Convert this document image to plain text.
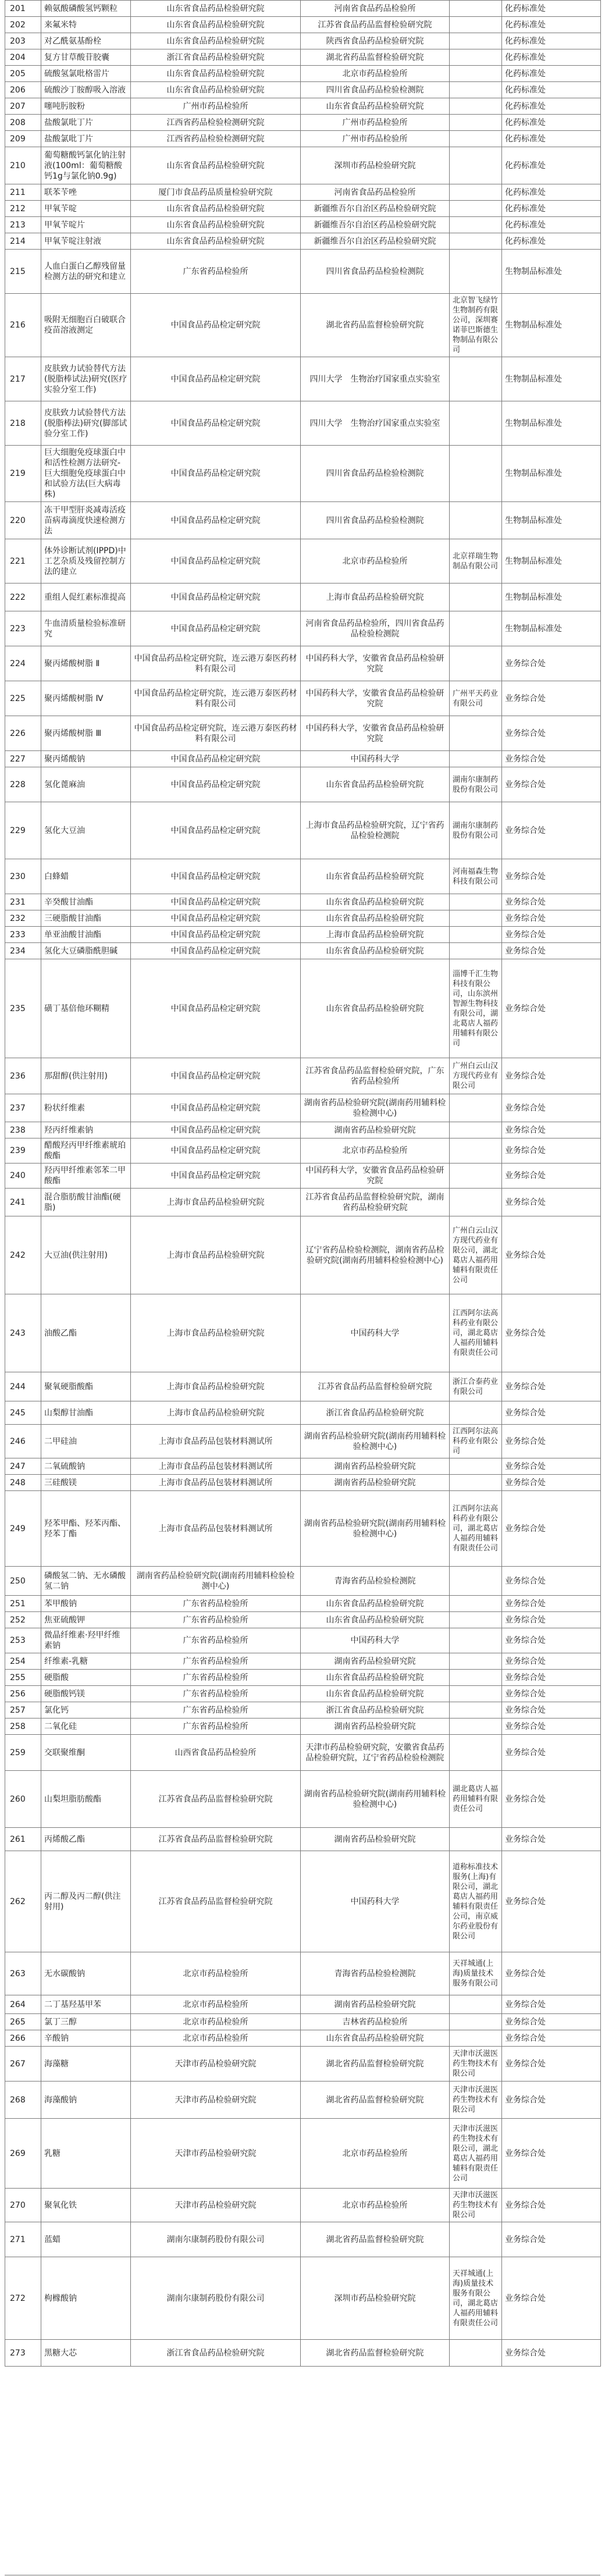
201	赖氨酸磷酸氢钙颗粒	山东省食品药品检验研究院	河南省食品药品检验所		化药标准处
202	来氟米特	山东省食品药品检验研究院	江苏省食品药品监督检验研究院		化药标准处
203	对乙酰氨基酚栓	山东省食品药品检验研究院	陕西省食品药品检验研究院		化药标准处
204	复方甘草酸苷胶囊	浙江省食品药品检验研究院	湖北省药品监督检验研究院		化药标准处
205	硫酸氢氯吡格雷片	山东省食品药品检验研究院	北京市药品检验所		化药标准处
206	硫酸沙丁胺醇吸入溶液	山东省食品药品检验研究院	四川省食品药品检验检测院		化药标准处
207	噻吨肟胺粉	广州市药品检验所	山东省食品药品检验研究院		化药标准处
208	盐酸氯吡丁片	江西省药品检验检测研究院	广州市药品检验所		化药标准处
209	盐酸氯吡丁片	江西省药品检验检测研究院	广州市药品检验所		化药标准处
210	葡萄糖酸钙氯化钠注射液(100ml：葡萄糖酸钙1g与氯化钠0.9g)	山东省食品药品检验研究院	深圳市药品检验研究院		化药标准处
211	联苯苄唑	厦门市食品药品质量检验研究院	河南省食品药品检验所		化药标准处
212	甲氧苄啶	山东省食品药品检验研究院	新疆维吾尔自治区药品检验研究院		化药标准处
213	甲氧苄啶片	山东省食品药品检验研究院	新疆维吾尔自治区药品检验研究院		化药标准处
214	甲氧苄啶注射液	山东省食品药品检验研究院	新疆维吾尔自治区药品检验研究院		化药标准处
215	人血白蛋白乙醇残留量检测方法的研究和建立	广东省药品检验所	四川省食品药品检验检测院		生物制品标准处
216	吸附无细胞百白破联合疫苗溶液测定	中国食品药品检定研究院	湖北省药品监督检验研究院	北京智飞绿竹生物制药有限公司，深圳赛诺菲巴斯德生物制品有限公司	生物制品标准处
217	皮肤致力试验替代方法(脱脂棒试法)研究(医疗实验分室工作)	中国食品药品检定研究院	四川大学　生物治疗国家重点实验室		生物制品标准处
218	皮肤致力试验替代方法(脱脂棒法)研究(脚部试验分室工作)	中国食品药品检定研究院	四川大学　生物治疗国家重点实验室		生物制品标准处
219	巨大细胞免疫球蛋白中和活性检测方法研究-巨大细胞免疫球蛋白中和试验方法(巨大病毒株)	中国食品药品检定研究院	四川省食品药品检验检测院		生物制品标准处
220	冻干甲型肝炎减毒活疫苗病毒滴度快速检测方法	中国食品药品检定研究院	四川省食品药品检验检测院		生物制品标准处
221	体外诊断试剂(IPPD)中工艺杂质及残留控制方法的建立	中国食品药品检定研究院	北京市药品检验所	北京祥瑞生物制品有限公司	生物制品标准处
222	重组人促红素标准提高	中国食品药品检定研究院	上海市食品药品检验研究院		生物制品标准处
223	牛血清质量检验标准研究	中国食品药品检定研究院	河南省食品药品检验所，四川省食品药品检验检测院		生物制品标准处
224	聚丙烯酸树脂 Ⅱ	中国食品药品检定研究院，连云港万泰医药材料有限公司	中国药科大学，安徽省食品药品检验研究院		业务综合处
225	聚丙烯酸树脂 Ⅳ	中国食品药品检定研究院，连云港万泰医药材料有限公司	中国药科大学，安徽省食品药品检验研究院	广州平天药业有限公司	业务综合处
226	聚丙烯酸树脂 Ⅲ	中国食品药品检定研究院，连云港万泰医药材料有限公司	中国药科大学，安徽省食品药品检验研究院		业务综合处
227	聚丙烯酸钠	中国食品药品检定研究院	中国药科大学		业务综合处
228	氢化蓖麻油	中国食品药品检定研究院	山东省食品药品检验研究院	湖南尔康制药股份有限公司	业务综合处
229	氢化大豆油	中国食品药品检定研究院	上海市食品药品检验研究院，辽宁省药品检验检测院	湖南尔康制药股份有限公司	业务综合处
230	白蜂蜡	中国食品药品检定研究院	山东省食品药品检验研究院	河南福森生物科技有限公司	业务综合处
231	辛癸酸甘油酯	中国食品药品检定研究院	山东省食品药品检验研究院		业务综合处
232	三硬脂酸甘油酯	中国食品药品检定研究院	山东省食品药品检验研究院		业务综合处
233	单亚油酸甘油酯	中国食品药品检定研究院	上海市食品药品检验研究院		业务综合处
234	氢化大豆磷脂酰胆碱	中国食品药品检定研究院	山东省食品药品检验研究院		业务综合处
235	磺丁基倍他环糊精	中国食品药品检定研究院	山东省食品药品检验研究院	淄博千汇生物科技有限公司，山东滨州智源生物科技有限公司，湖北葛店人福药用辅料有限公司	业务综合处
236	那甜醇(供注射用)	中国食品药品检定研究院	江苏省食品药品监督检验研究院，广东省药品检验所	广州白云山汉方现代药业有限公司	业务综合处
237	粉状纤维素	中国食品药品检定研究院	湖南省药品检验研究院(湖南药用辅料检验检测中心)		业务综合处
238	羟丙纤维素钠	中国食品药品检定研究院	湖南省药品检验研究院		业务综合处
239	醋酸羟丙甲纤维素琥珀酸酯	中国食品药品检定研究院	北京市药品检验所		业务综合处
240	羟丙甲纤维素邻苯二甲酸酯	中国食品药品检定研究院	中国药科大学，安徽省食品药品检验研究院		业务综合处
241	混合脂肪酸甘油酯(硬脂)	上海市食品药品检验研究院	江苏省食品药品监督检验研究院，湖南省药品检验研究院		业务综合处
242	大豆油(供注射用)	上海市食品药品检验研究院	辽宁省药品检验检测院，湖南省药品检验研究院(湖南药用辅料检验检测中心)	广州白云山汉方现代药业有限公司，湖北葛店人福药用辅料有限责任公司	业务综合处
243	油酸乙酯	上海市食品药品检验研究院	中国药科大学	江西阿尔法高科药业有限公司，湖北葛店人福药用辅料有限责任公司	业务综合处
244	聚氧硬脂酸酯	上海市食品药品检验研究院	江苏省食品药品监督检验研究院	浙江合泰药业有限公司	业务综合处
245	山梨醇甘油酯	上海市食品药品检验研究院	浙江省食品药品检验研究院		业务综合处
246	二甲硅油	上海市食品药品包装材料测试所	湖南省药品检验研究院(湖南药用辅料检验检测中心)	江西阿尔法高科药业有限公司	业务综合处
247	二氧硫酸钠	上海市食品药品包装材料测试所	湖南省药品检验研究院		业务综合处
248	三硅酸镁	上海市食品药品包装材料测试所	湖南省药品检验研究院		业务综合处
249	羟苯甲酯、羟苯丙酯、羟苯丁酯	上海市食品药品包装材料测试所	湖南省药品检验研究院(湖南药用辅料检验检测中心)	江西阿尔法高科药业有限公司，湖北葛店人福药用辅料有限责任公司	业务综合处
250	磷酸氢二钠、无水磷酸氢二钠	湖南省药品检验研究院(湖南药用辅料检验检测中心)	青海省药品检验检测院		业务综合处
251	苯甲酸钠	广东省药品检验所	山东省食品药品检验研究院		业务综合处
252	焦亚硫酸钾	广东省药品检验所	山东省食品药品检验研究院		业务综合处
253	微晶纤维素·羟甲纤维素钠	广东省药品检验所	中国药科大学		业务综合处
254	纤维素-乳糖	广东省药品检验所	湖南省药品检验研究院		业务综合处
255	硬脂酸	广东省药品检验所	山东省食品药品检验研究院		业务综合处
256	硬脂酸钙镁	广东省药品检验所	山东省食品药品检验研究院		业务综合处
257	氯化钙	广东省药品检验所	浙江省食品药品检验研究院		业务综合处
258	二氧化硅	广东省药品检验所	湖南省药品检验研究院		业务综合处
259	交联聚维酮	山西省食品药品检验所	天津市药品检验研究院，安徽省食品药品检验研究院，辽宁省药品检验检测院		业务综合处
260	山梨坦脂肪酸酯	江苏省食品药品监督检验研究院	湖南省药品检验研究院(湖南药用辅料检验检测中心)	湖北葛店人福药用辅料有限责任公司	业务综合处
261	丙烯酸乙酯	江苏省食品药品监督检验研究院	湖南省药品检验研究院		业务综合处
262	丙二醇及丙二醇(供注射用)	江苏省食品药品监督检验研究院	中国药科大学	道称标准技术服务(上海)有限公司，湖北葛店人福药用辅料有限责任公司，南京威尔药业股份有限公司	业务综合处
263	无水碳酸钠	北京市药品检验所	青海省药品检验检测院	天祥城通(上海)质量技术服务有限公司	业务综合处
264	二丁基羟基甲苯	北京市药品检验所	湖南省药品检验研究院		业务综合处
265	氯丁三醇	北京市药品检验所	吉林省药品检验所		业务综合处
266	辛酸钠	北京市药品检验所	山东省食品药品检验研究院		业务综合处
267	海藻糖	天津市药品检验研究院	湖北省药品监督检验研究院	天津市沃滋医药生物技术有限公司	业务综合处
268	海藻酸钠	天津市药品检验研究院	湖北省药品监督检验研究院	天津市沃滋医药生物技术有限公司	业务综合处
269	乳糖	天津市药品检验研究院	北京市药品检验所	天津市沃滋医药生物技术有限公司，湖北葛店人福药用辅料有限责任公司	业务综合处
270	聚氧化铁	天津市药品检验研究院	北京市药品检验所	天津市沃滋医药生物技术有限公司	业务综合处
271	蓝蜡	湖南尔康制药股份有限公司	湖北省药品监督检验研究院		业务综合处
272	枸橼酸钠	湖南尔康制药股份有限公司	深圳市药品检验研究院	天祥城通(上海)质量技术服务有限公司，湖北葛店人福药用辅料有限责任公司	业务综合处
273	黑糖大芯	浙江省食品药品检验研究院	湖北省药品监督检验研究院		业务综合处
